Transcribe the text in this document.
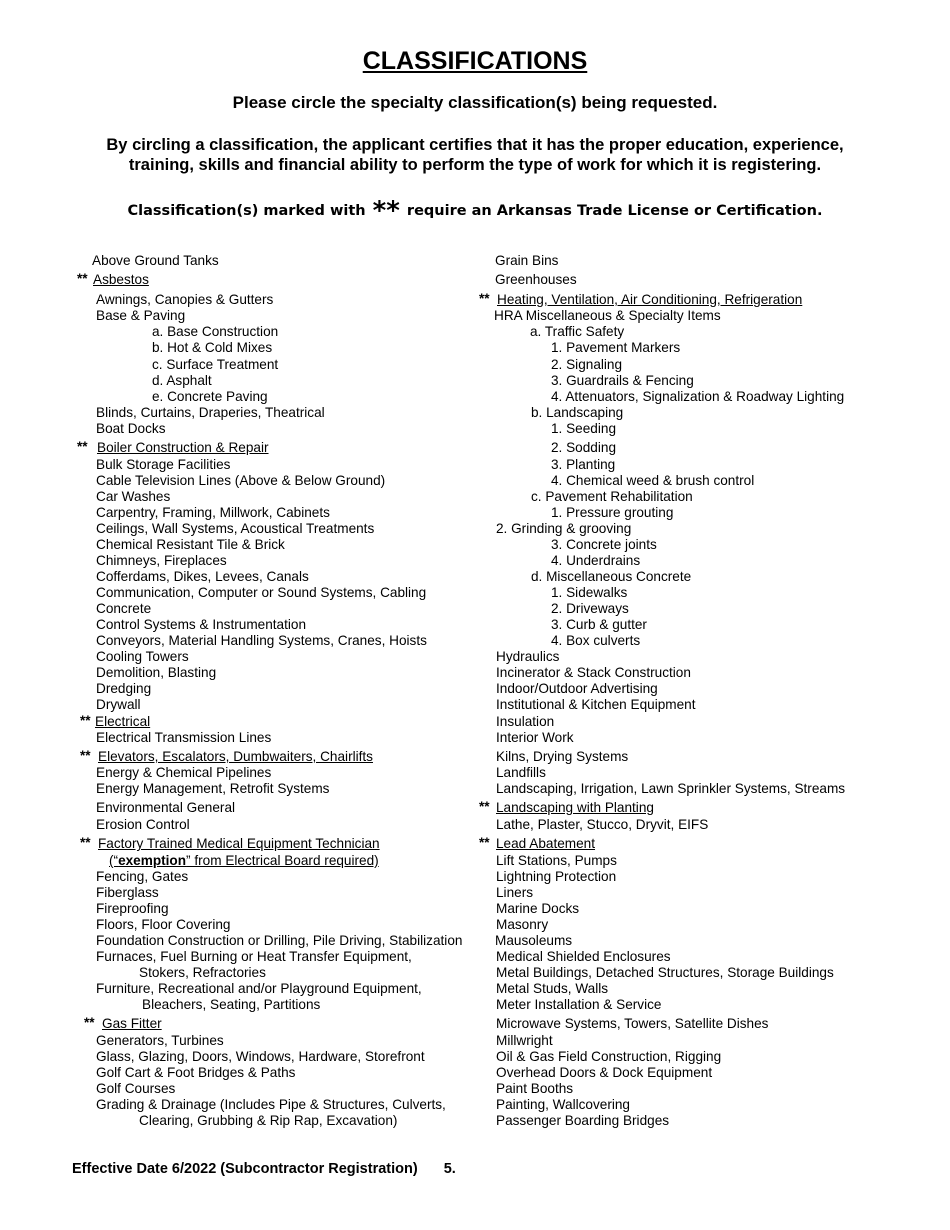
CLASSIFICATIONS
Please circle the specialty classification(s) being requested.
By circling a classification, the applicant certifies that it has the proper education, experience, training, skills and financial ability to perform the type of work for which it is registering.
Classification(s) marked with ** require an Arkansas Trade License or Certification.
Above Ground Tanks
** Asbestos
Awnings, Canopies & Gutters
Base & Paving
a. Base Construction
b. Hot & Cold Mixes
c. Surface Treatment
d. Asphalt
e. Concrete Paving
Blinds, Curtains, Draperies, Theatrical
Boat Docks
** Boiler Construction & Repair
Bulk Storage Facilities
Cable Television Lines (Above & Below Ground)
Car Washes
Carpentry, Framing, Millwork, Cabinets
Ceilings, Wall Systems, Acoustical Treatments
Chemical Resistant Tile & Brick
Chimneys, Fireplaces
Cofferdams, Dikes, Levees, Canals
Communication, Computer or Sound Systems, Cabling
Concrete
Control Systems & Instrumentation
Conveyors, Material Handling Systems, Cranes, Hoists
Cooling Towers
Demolition, Blasting
Dredging
Drywall
** Electrical
Electrical Transmission Lines
** Elevators, Escalators, Dumbwaiters, Chairlifts
Energy & Chemical Pipelines
Energy Management, Retrofit Systems
Environmental General
Erosion Control
** Factory Trained Medical Equipment Technician
(“exemption” from Electrical Board required)
Fencing, Gates
Fiberglass
Fireproofing
Floors, Floor Covering
Foundation Construction or Drilling, Pile Driving, Stabilization
Furnaces, Fuel Burning or Heat Transfer Equipment,
Stokers, Refractories
Furniture, Recreational and/or Playground Equipment,
Bleachers, Seating, Partitions
** Gas Fitter
Generators, Turbines
Glass, Glazing, Doors, Windows, Hardware, Storefront
Golf Cart & Foot Bridges & Paths
Golf Courses
Grading & Drainage (Includes Pipe & Structures, Culverts,
Clearing, Grubbing & Rip Rap, Excavation)
Grain Bins
Greenhouses
** Heating, Ventilation, Air Conditioning, Refrigeration
HRA Miscellaneous & Specialty Items
a. Traffic Safety
1. Pavement Markers
2. Signaling
3. Guardrails & Fencing
4. Attenuators, Signalization & Roadway Lighting
b. Landscaping
1. Seeding
2. Sodding
3. Planting
4. Chemical weed & brush control
c. Pavement Rehabilitation
1. Pressure grouting
2. Grinding & grooving
3. Concrete joints
4. Underdrains
d. Miscellaneous Concrete
1. Sidewalks
2. Driveways
3. Curb & gutter
4. Box culverts
Hydraulics
Incinerator & Stack Construction
Indoor/Outdoor Advertising
Institutional & Kitchen Equipment
Insulation
Interior Work
Kilns, Drying Systems
Landfills
Landscaping, Irrigation, Lawn Sprinkler Systems, Streams
** Landscaping with Planting
Lathe, Plaster, Stucco, Dryvit, EIFS
** Lead Abatement
Lift Stations, Pumps
Lightning Protection
Liners
Marine Docks
Masonry
Mausoleums
Medical Shielded Enclosures
Metal Buildings, Detached Structures, Storage Buildings
Metal Studs, Walls
Meter Installation & Service
Microwave Systems, Towers, Satellite Dishes
Millwright
Oil & Gas Field Construction, Rigging
Overhead Doors & Dock Equipment
Paint Booths
Painting, Wallcovering
Passenger Boarding Bridges
Effective Date 6/2022 (Subcontractor Registration) 5.
